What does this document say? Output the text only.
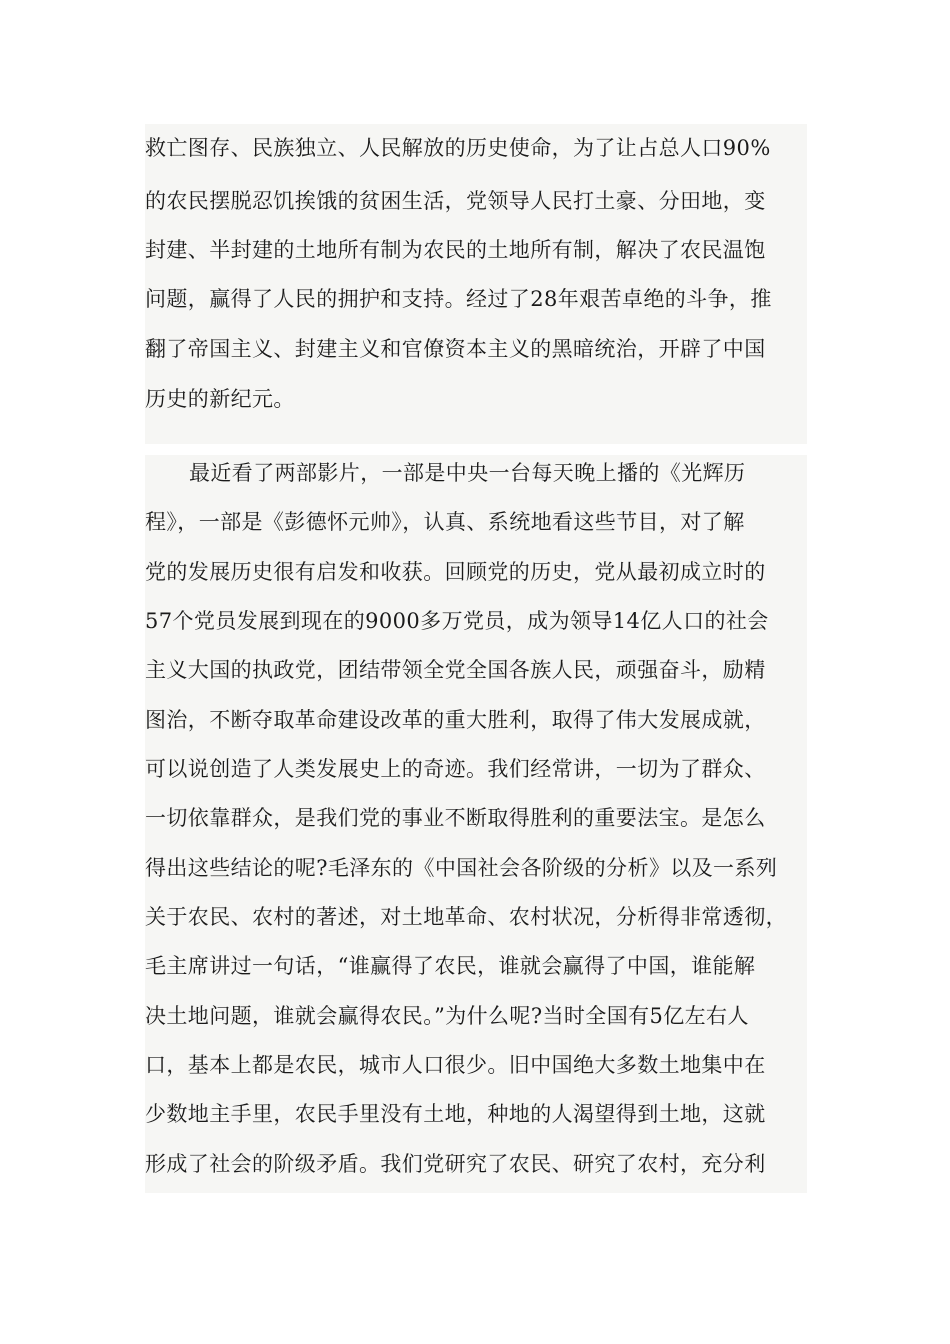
救亡图存、民族独立、人民解放的历史使命，为了让占总人口90%
的农民摆脱忍饥挨饿的贫困生活，党领导人民打土豪、分田地，变
封建、半封建的土地所有制为农民的土地所有制，解决了农民温饱
问题，赢得了人民的拥护和支持。经过了28年艰苦卓绝的斗争，推
翻了帝国主义、封建主义和官僚资本主义的黑暗统治，开辟了中国
历史的新纪元。
最近看了两部影片，一部是中央一台每天晚上播的《光辉历
程》，一部是《彭德怀元帅》，认真、系统地看这些节目，对了解
党的发展历史很有启发和收获。回顾党的历史，党从最初成立时的
57个党员发展到现在的9000多万党员，成为领导14亿人口的社会
主义大国的执政党，团结带领全党全国各族人民，顽强奋斗，励精
图治，不断夺取革命建设改革的重大胜利，取得了伟大发展成就，
可以说创造了人类发展史上的奇迹。我们经常讲，一切为了群众、
一切依靠群众，是我们党的事业不断取得胜利的重要法宝。是怎么
得出这些结论的呢?毛泽东的《中国社会各阶级的分析》以及一系列
关于农民、农村的著述，对土地革命、农村状况，分析得非常透彻，
毛主席讲过一句话，“谁赢得了农民，谁就会赢得了中国，谁能解
决土地问题，谁就会赢得农民。”为什么呢?当时全国有5亿左右人
口，基本上都是农民，城市人口很少。旧中国绝大多数土地集中在
少数地主手里，农民手里没有土地，种地的人渴望得到土地，这就
形成了社会的阶级矛盾。我们党研究了农民、研究了农村，充分利
